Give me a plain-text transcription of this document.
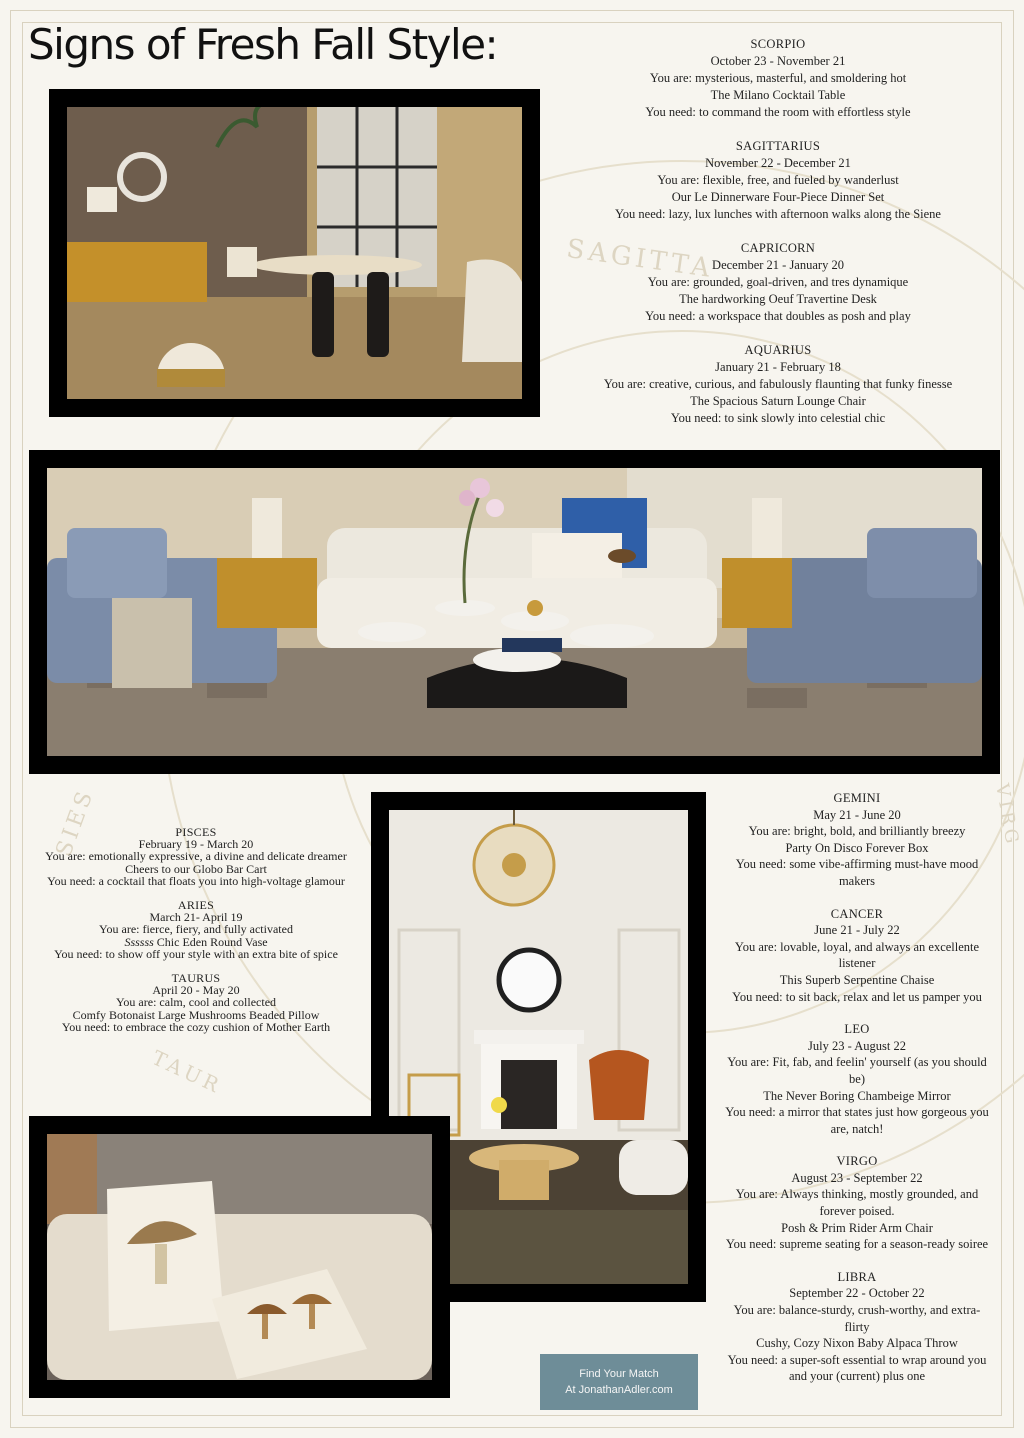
SAGITTA
SIES
TAUR
VIRG
Signs of Fresh Fall Style:	SCORPIO
October 23 - November 21
You are: mysterious, masterful, and smoldering hot
The Milano Cocktail Table
You need: to command the room with effortless style
SAGITTARIUS
November 22 - December 21
You are: flexible, free, and fueled by wanderlust
Our Le Dinnerware Four-Piece Dinner Set
You need: lazy, lux lunches with afternoon walks along the Siene
CAPRICORN
December 21 - January 20
You are: grounded, goal-driven, and tres dynamique
The hardworking Oeuf Travertine Desk
You need: a workspace that doubles as posh and play
AQUARIUS
January 21 - February 18
You are: creative, curious, and fabulously flaunting that funky finesse
The Spacious Saturn Lounge Chair
You need: to sink slowly into celestial chic
PISCES
February 19 - March 20
You are: emotionally expressive, a divine and delicate dreamer
Cheers to our Globo Bar Cart
You need: a cocktail that floats you into high-voltage glamour
ARIES
March 21- April 19
You are: fierce, fiery, and fully activated
Ssssss Chic Eden Round Vase
You need: to show off your style with an extra bite of spice
TAURUS
April 20 - May 20
You are: calm, cool and collected
Comfy Botonaist Large Mushrooms Beaded Pillow
You need: to embrace the cozy cushion of Mother Earth
GEMINI
May 21 - June 20
You are: bright, bold, and brilliantly breezy
Party On Disco Forever Box
You need: some vibe-affirming must-have mood
makers
CANCER
June 21 - July 22
You are: lovable, loyal, and always an excellente
listener
This Superb Serpentine Chaise
You need: to sit back, relax and let us pamper you
LEO
July 23 - August 22
You are: Fit, fab, and feelin' yourself (as you should
be)
The Never Boring Chambeige Mirror
You need: a mirror that states just how gorgeous you
are, natch!
VIRGO
August 23 - September 22
You are: Always thinking, mostly grounded, and
forever poised.
Posh & Prim Rider Arm Chair
You need: supreme seating for a season-ready soiree
LIBRA
September 22 - October 22
You are: balance-sturdy, crush-worthy, and extra-
flirty
Cushy, Cozy Nixon Baby Alpaca Throw
You need: a super-soft essential to wrap around you
and your (current) plus one
Find Your Match
At JonathanAdler.com
